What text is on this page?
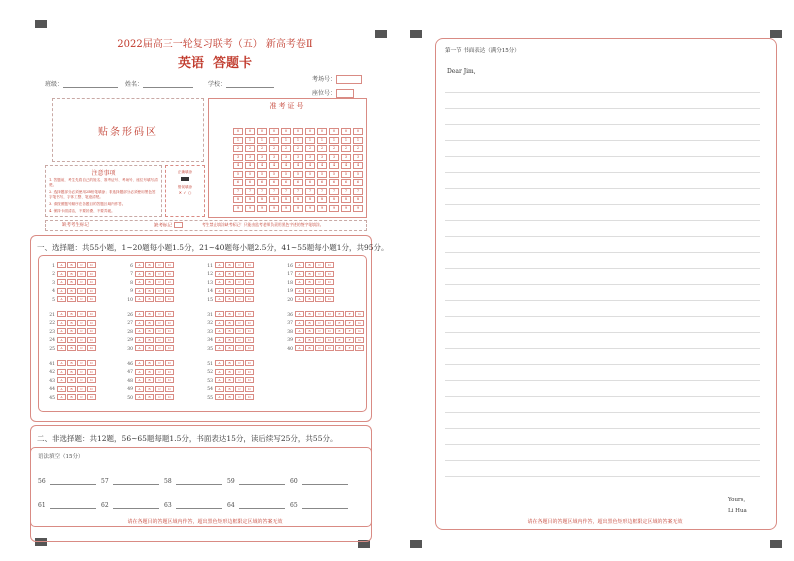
2022届高三一轮复习联考（五） 新高考卷Ⅱ
英语 答题卡
班级：	姓名：	学校：
考场号：
座位号：
贴条形码区
注意事项
1. 答题前，考生先将自己的姓名、准考证号、考场号、座位号填写清楚。
2. 选择题部分必须使用2B铅笔填涂；非选择题部分必须使用黑色签字笔书写，字体工整、笔迹清楚。
3. 请按照题号顺序在各题目的答题区域内作答。
4. 保持卡面清洁，不要折叠、不要弄破。
正确填涂
错误填涂
✕ ✓ ○
准考证号
缺考考生标记	缺考标记	考生禁止填涂缺考标记！只能由监考老师负责用黑色字迹的签字笔填涂。
一、选择题：共55小题，1~20题每小题1.5分，21~40题每小题2.5分，41~55题每小题1分，共95分。
二、非选择题：共12题，56~65题每题1.5分，书面表达15分，读后续写25分，共55分。
语法填空（15分）
请在各题目的答题区域内作答，超出黑色矩形边框限定区域的答案无效
第一节 书面表达（满分15分）
Dear Jim,
Yours,
Li Hua
请在各题目的答题区域内作答，超出黑色矩形边框限定区域的答案无效
0	0	0	0	0	0	0	0	0	0	0
1	1	1	1	1	1	1	1	1	1	1
2	2	2	2	2	2	2	2	2	2	2
3	3	3	3	3	3	3	3	3	3	3
4	4	4	4	4	4	4	4	4	4	4
5	5	5	5	5	5	5	5	5	5	5
6	6	6	6	6	6	6	6	6	6	6
7	7	7	7	7	7	7	7	7	7	7
8	8	8	8	8	8	8	8	8	8	8
9	9	9	9	9	9	9	9	9	9	9
1 A	B	C	D
2 A	B	C	D
3 A	B	C	D
4 A	B	C	D
5 A	B	C	D
6 A	B	C	D
7 A	B	C	D
8 A	B	C	D
9 A	B	C	D
10 A	B	C	D
11 A	B	C	D
12 A	B	C	D
13 A	B	C	D
14 A	B	C	D
15 A	B	C	D
16 A	B	C	D
17 A	B	C	D
18 A	B	C	D
19 A	B	C	D
20 A	B	C	D
21 A	B	C	D
22 A	B	C	D
23 A	B	C	D
24 A	B	C	D
25 A	B	C	D
26 A	B	C	D
27 A	B	C	D
28 A	B	C	D
29 A	B	C	D
30 A	B	C	D
31 A	B	C	D
32 A	B	C	D
33 A	B	C	D
34 A	B	C	D
35 A	B	C	D
36 A	B	C	D	E	F	G
37 A	B	C	D	E	F	G
38 A	B	C	D	E	F	G
39 A	B	C	D	E	F	G
40 A	B	C	D	E	F	G
41 A	B	C	D
42 A	B	C	D
43 A	B	C	D
44 A	B	C	D
45 A	B	C	D
46 A	B	C	D
47 A	B	C	D
48 A	B	C	D
49 A	B	C	D
50 A	B	C	D
51 A	B	C	D
52 A	B	C	D
53 A	B	C	D
54 A	B	C	D
55 A	B	C	D
56	57	58	59	60
61	62	63	64	65
